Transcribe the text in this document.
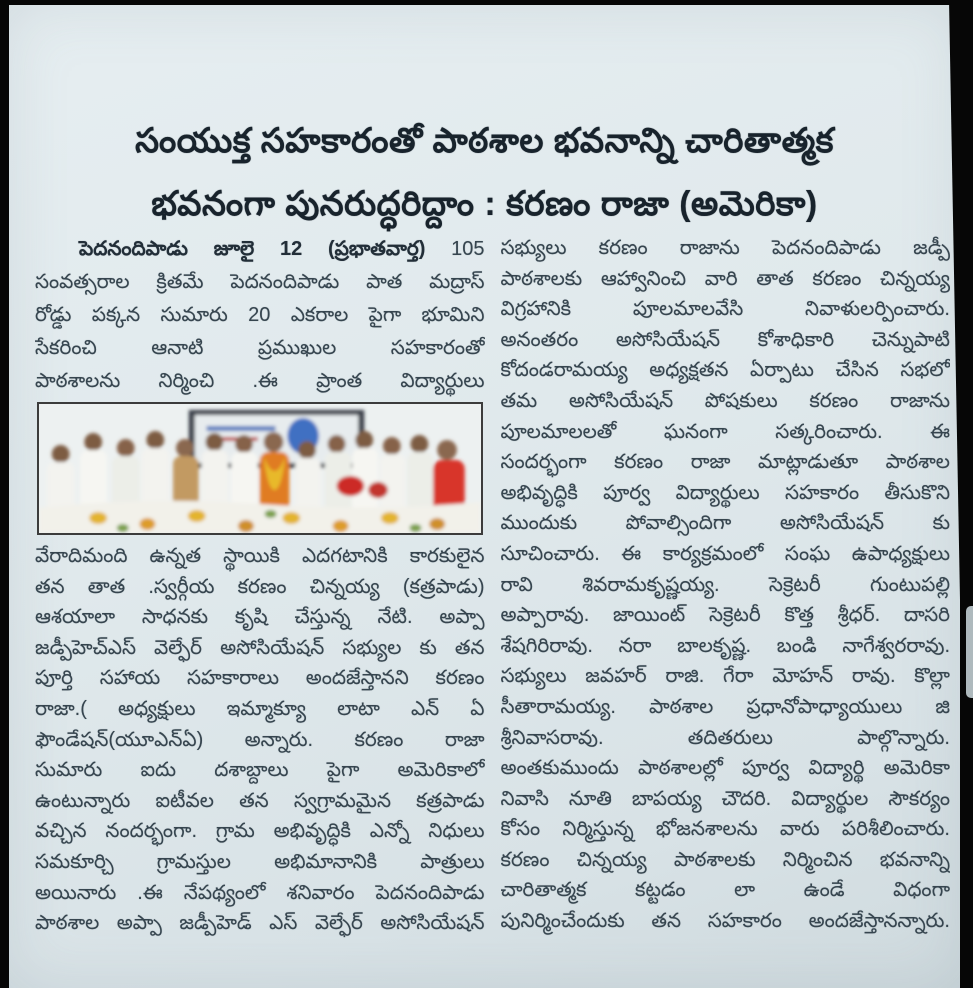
సంయుక్త సహకారంతో పాఠశాల భవనాన్ని చారితాత్మక
భవనంగా పునరుద్ధరిద్దాం : కరణం రాజా (అమెరికా)
పెదనందిపాడు జూలై 12 (ప్రభాతవార్త) 105
సంవత్సరాల క్రితమే పెదనందిపాడు పాత మద్రాస్
రోడ్డు పక్కన సుమారు 20 ఎకరాల పైగా భూమిని
సేకరించి ఆనాటి ప్రముఖుల సహకారంతో
పాఠశాలను నిర్మించి .ఈ ప్రాంత విద్యార్థులు
వేరాదిమంది ఉన్నత స్థాయికి ఎదగటానికి కారకులైన
తన తాత .స్వర్గీయ కరణం చిన్నయ్య (కత్రపాడు)
ఆశయాలా సాధనకు కృషి చేస్తున్న నేటి. అప్పా
జడ్పీహెచ్ఎస్ వెల్ఫేర్ అసోసియేషన్ సభ్యుల కు తన
పూర్తి సహాయ సహకారాలు అందజేస్తానని కరణం
రాజా.( అధ్యక్షులు ఇమ్మాక్యూ లాటా ఎన్ ఏ
ఫౌండేషన్(యూఎన్ఏ) అన్నారు. కరణం రాజా
సుమారు ఐదు దశాబ్దాలు పైగా అమెరికాలో
ఉంటున్నారు ఐటీవల తన స్వగ్రామమైన కత్రపాడు
వచ్చిన నందర్భంగా. గ్రామ అభివృద్ధికి ఎన్నో నిధులు
సమకూర్చి గ్రామస్తుల అభిమానానికి పాత్రులు
అయినారు .ఈ నేపథ్యంలో శనివారం పెదనందిపాడు
పాఠశాల అప్పా జడ్పీహెడ్ ఎస్ వెల్ఫేర్ అసోసియేషన్
సభ్యులు కరణం రాజాను పెదనందిపాడు జడ్పీ
పాఠశాలకు ఆహ్వానించి వారి తాత కరణం చిన్నయ్య
విగ్రహానికి పూలమాలవేసి నివాళులర్పించారు.
అనంతరం అసోసియేషన్ కోశాధికారి చెన్నుపాటి
కోదండరామయ్య అధ్యక్షతన ఏర్పాటు చేసిన సభలో
తమ అసోసియేషన్ పోషకులు కరణం రాజాను
పూలమాలలతో ఘనంగా సత్కరించారు. ఈ
సందర్భంగా కరణం రాజా మాట్లాడుతూ పాఠశాల
అభివృద్ధికి పూర్వ విద్యార్థులు సహకారం తీసుకొని
ముందుకు పోవాల్సిందిగా అసోసియేషన్ కు
సూచించారు. ఈ కార్యక్రమంలో సంఘ ఉపాధ్యక్షులు
రావి శివరామకృష్ణయ్య. సెక్రెటరీ గుంటుపల్లి
అప్పారావు. జాయింట్ సెక్రెటరీ కొత్త శ్రీధర్. దాసరి
శేషగిరిరావు. నరా బాలకృష్ణ. బండి నాగేశ్వరరావు.
సభ్యులు జవహర్ రాజి. గేరా మోహన్ రావు. కొల్లా
సీతారామయ్య. పాఠశాల ప్రధానోపాధ్యాయులు జి
శ్రీనివాసరావు. తదితరులు పాల్గొన్నారు.
అంతకుముందు పాఠశాలల్లో పూర్వ విద్యార్థి అమెరికా
నివాసి నూతి బాపయ్య చౌదరి. విద్యార్థుల సౌకర్యం
కోసం నిర్మిస్తున్న భోజనశాలను వారు పరిశీలించారు.
కరణం చిన్నయ్య పాఠశాలకు నిర్మించిన భవనాన్ని
చారితాత్మక కట్టడం లా ఉండే విధంగా
పునిర్మించేందుకు తన సహకారం అందజేస్తానన్నారు.
